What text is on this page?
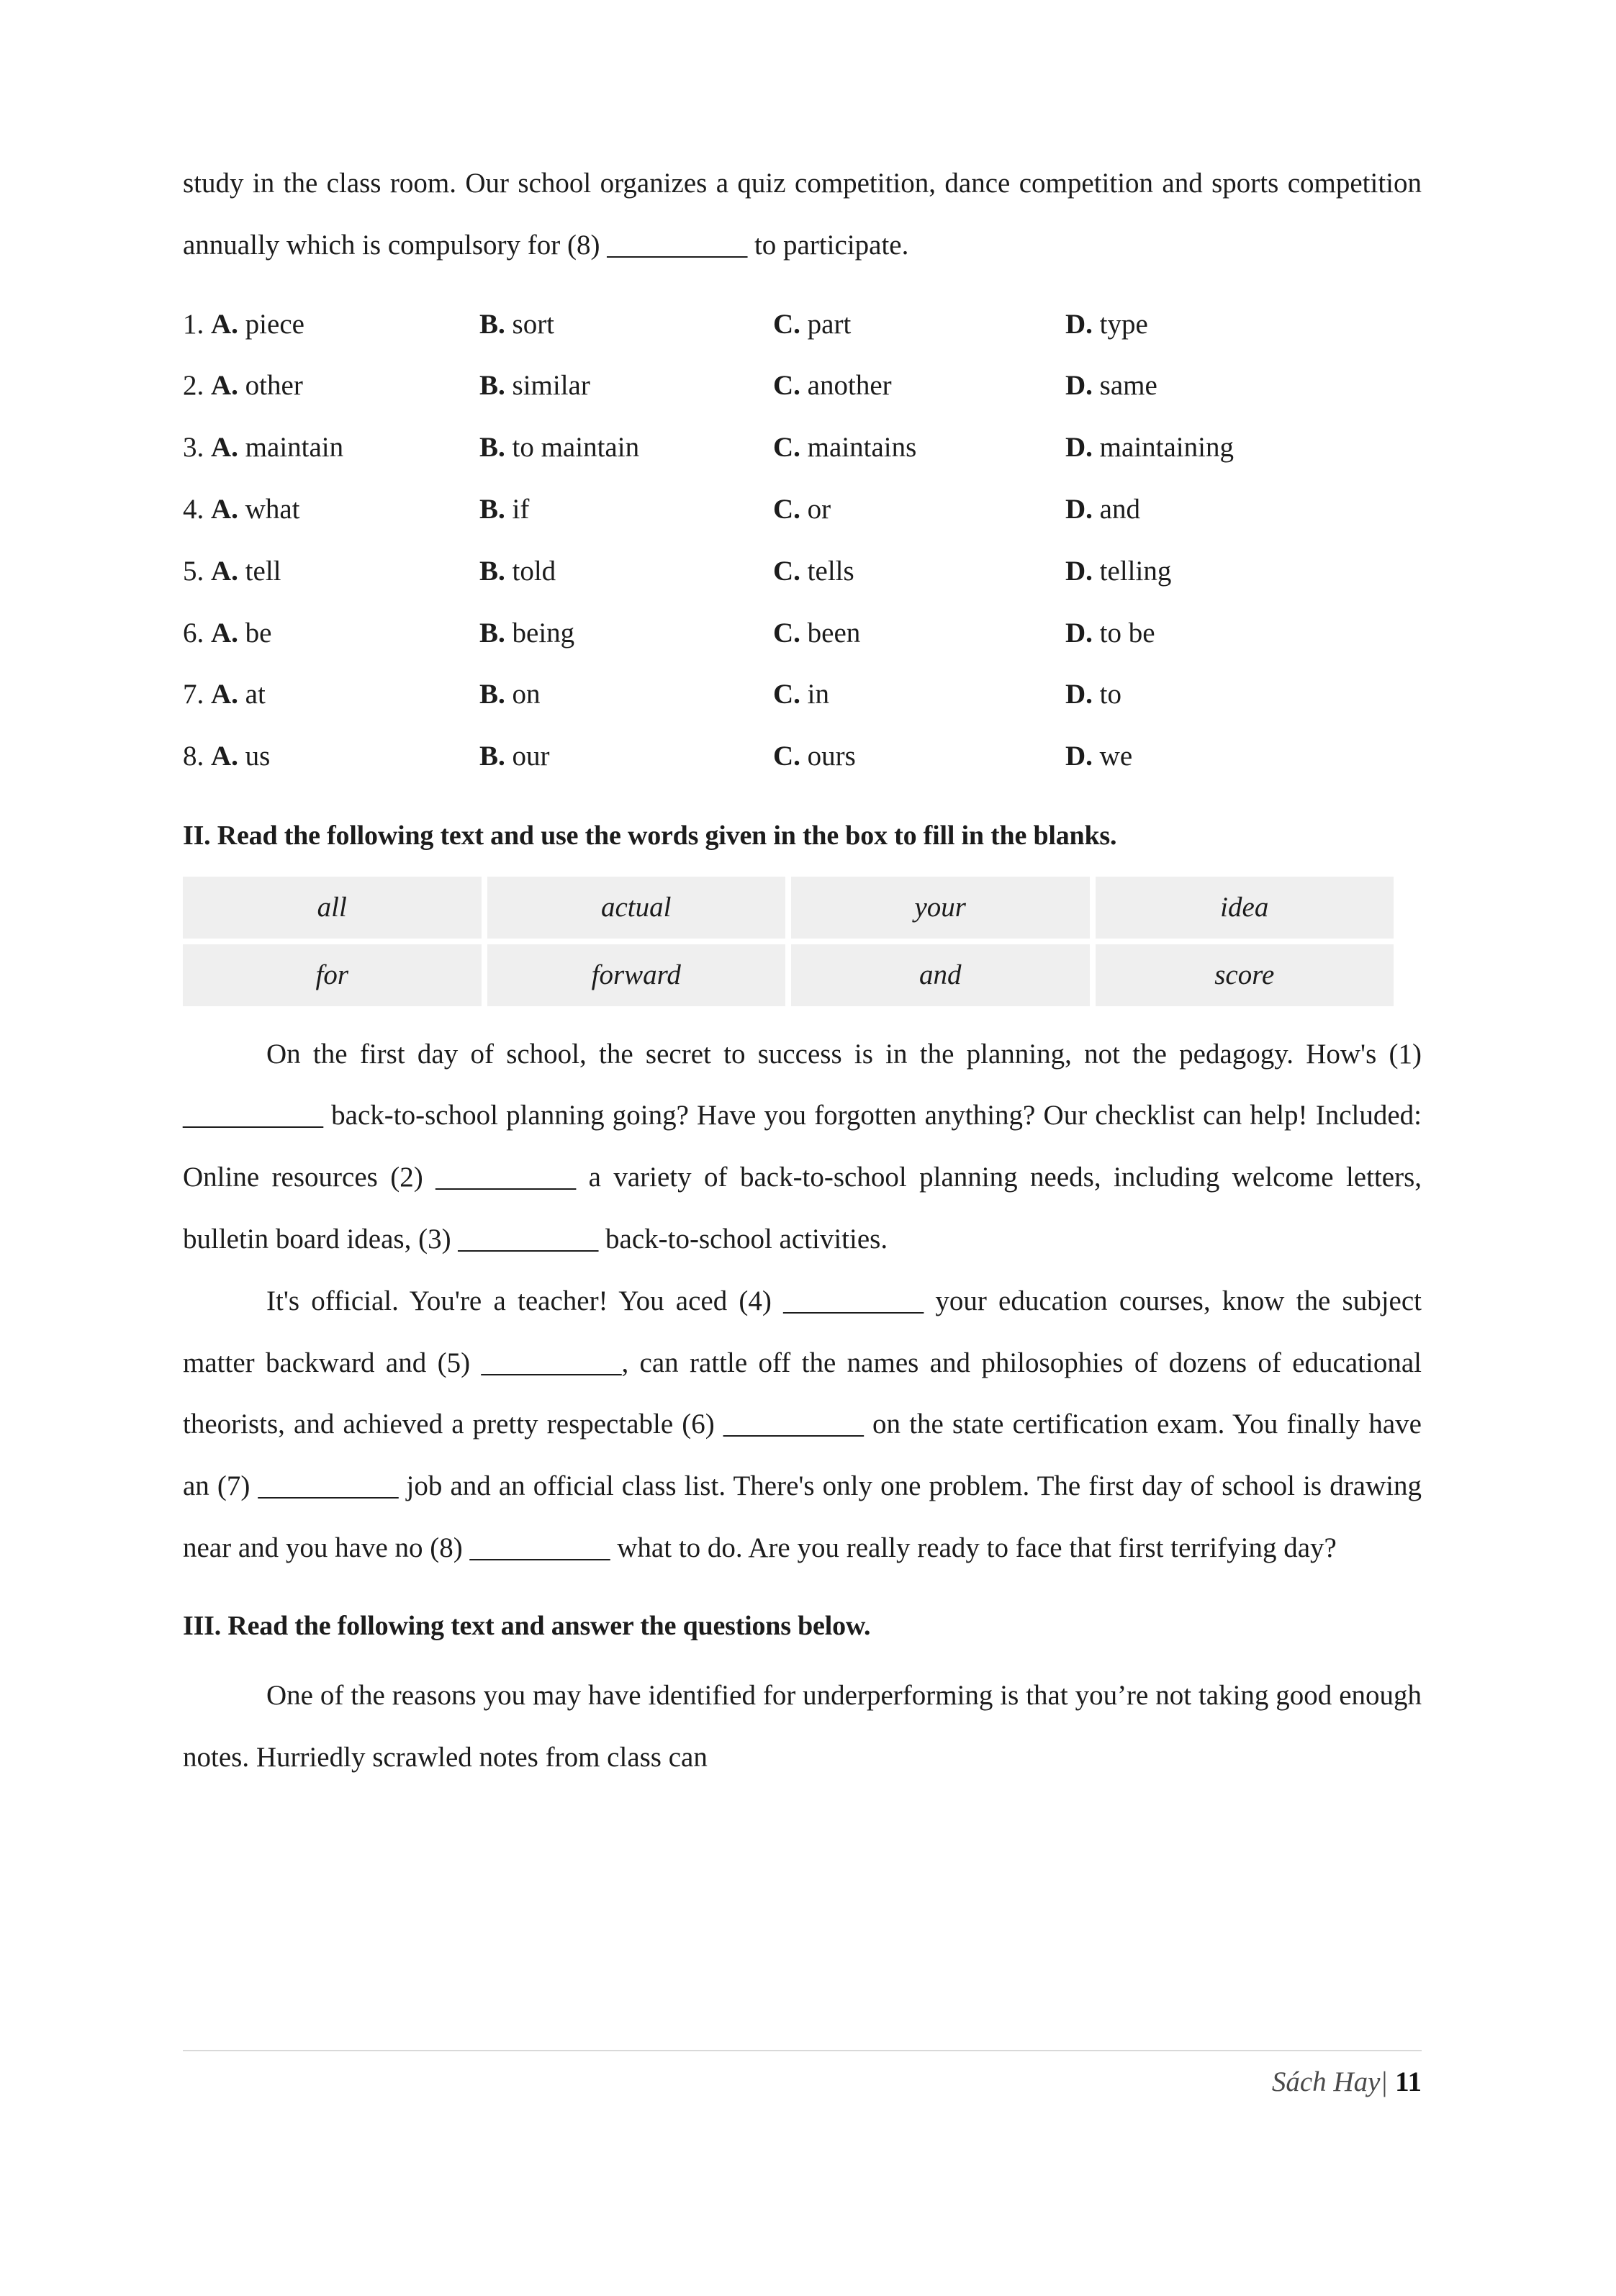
study in the class room. Our school organizes a quiz competition, dance competition and sports competition annually which is compulsory for (8) __________ to participate.

1. A. piece	B. sort	C. part	D. type
2. A. other	B. similar	C. another	D. same
3. A. maintain	B. to maintain	C. maintains	D. maintaining
4. A. what	B. if	C. or	D. and
5. A. tell	B. told	C. tells	D. telling
6. A. be	B. being	C. been	D. to be
7. A. at	B. on	C. in	D. to
8. A. us	B. our	C. ours	D. we
II. Read the following text and use the words given in the box to fill in the blanks.
all	actual	your	idea
for	forward	and	score

On the first day of school, the secret to success is in the planning, not the pedagogy. How's (1) __________ back-to-school planning going? Have you forgotten anything? Our checklist can help! Included: Online resources (2) __________ a variety of back-to-school planning needs, including welcome letters, bulletin board ideas, (3) __________ back-to-school activities.

It's official. You're a teacher! You aced (4) __________ your education courses, know the subject matter backward and (5) __________, can rattle off the names and philosophies of dozens of educational theorists, and achieved a pretty respectable (6) __________ on the state certification exam. You finally have an (7) __________ job and an official class list. There's only one problem. The first day of school is drawing near and you have no (8) __________ what to do. Are you really ready to face that first terrifying day?

III. Read the following text and answer the questions below.

One of the reasons you may have identified for underperforming is that you’re not taking good enough notes. Hurriedly scrawled notes from class can

Sách Hay| 11
